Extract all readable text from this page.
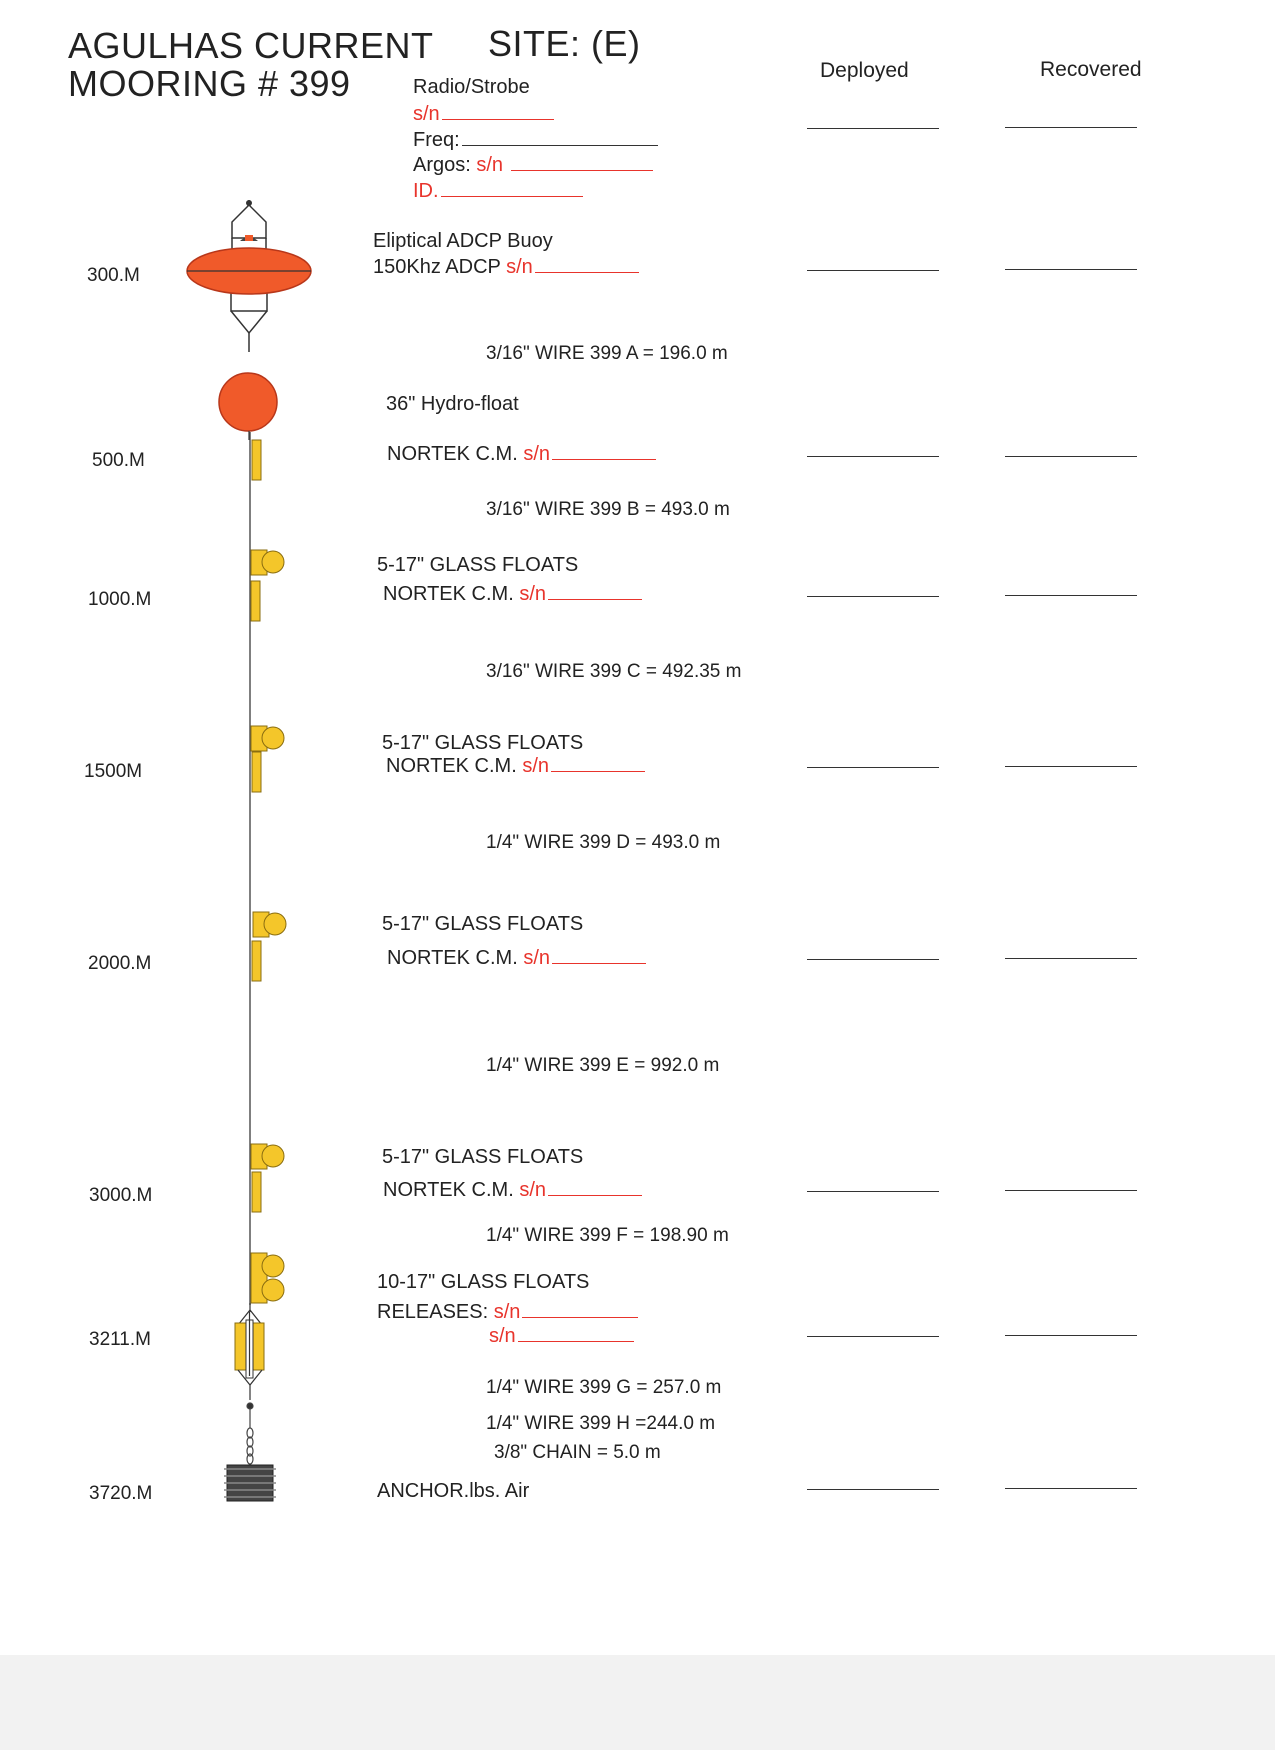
AGULHAS CURRENT
MOORING # 399
SITE: (E)
Deployed	Recovered
Radio/Strobe
s/n
Freq:
Argos: s/n
ID.
Eliptical ADCP Buoy
150Khz ADCP s/n
36" Hydro-float
NORTEK C.M. s/n
5-17" GLASS FLOATS
NORTEK C.M. s/n
5-17" GLASS FLOATS
NORTEK C.M. s/n
5-17" GLASS FLOATS
NORTEK C.M. s/n
5-17" GLASS FLOATS
NORTEK C.M. s/n
10-17" GLASS FLOATS
RELEASES: s/n
s/n
ANCHOR.lbs. Air
3/16" WIRE 399 A = 196.0 m
3/16" WIRE 399 B = 493.0 m
3/16" WIRE 399 C = 492.35 m
1/4" WIRE 399 D = 493.0 m
1/4" WIRE 399 E = 992.0 m
1/4" WIRE 399 F = 198.90 m
1/4" WIRE 399 G = 257.0 m
1/4" WIRE 399 H =244.0 m
3/8" CHAIN = 5.0 m
300.M
500.M
1000.M
1500M
2000.M
3000.M
3211.M
3720.M
